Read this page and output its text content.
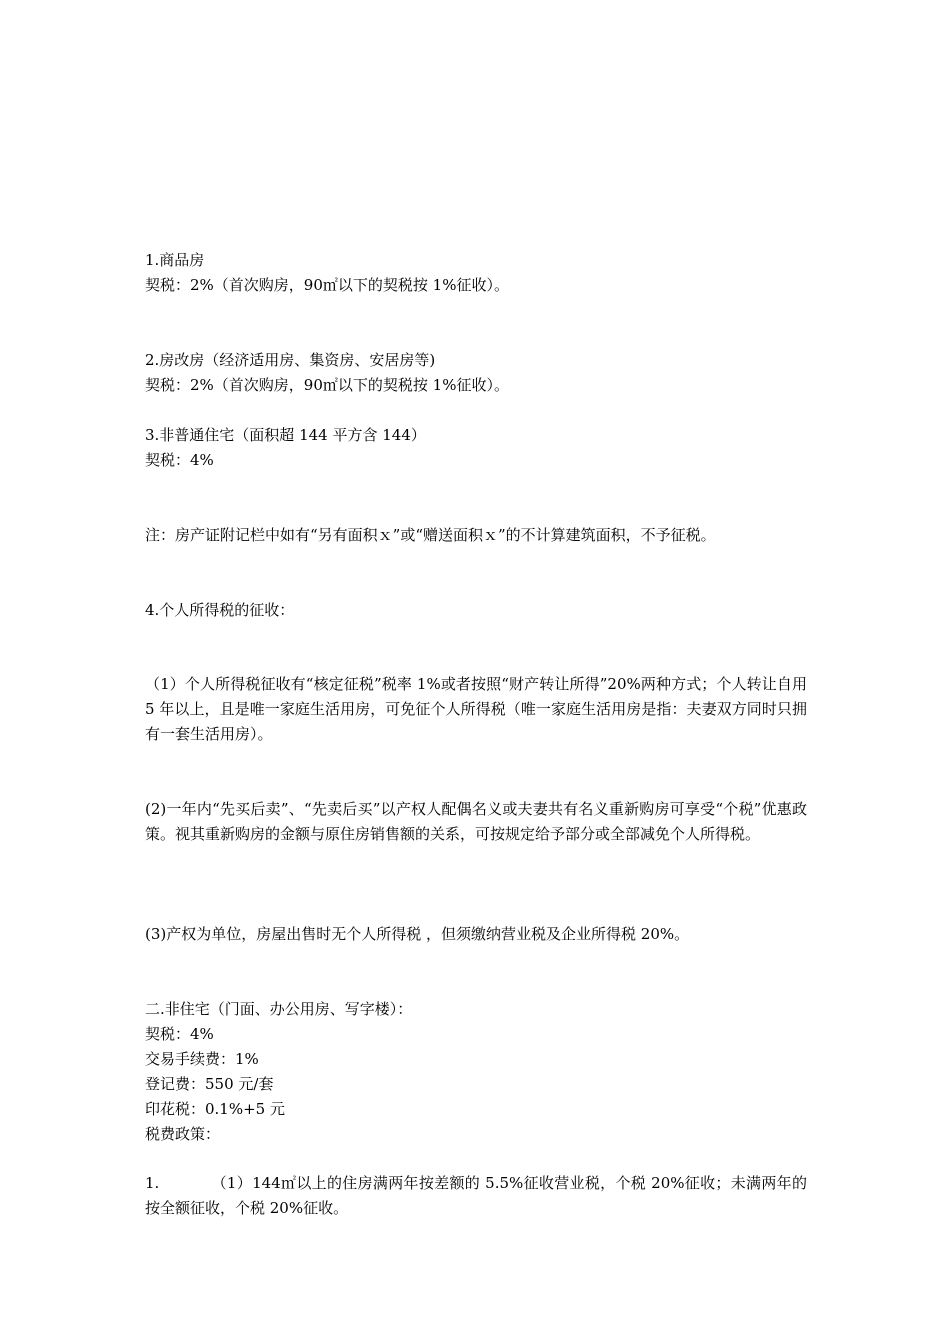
1.商品房

契税：2%（首次购房，90㎡以下的契税按 1%征收）。

2.房改房（经济适用房、集资房、安居房等)

契税：2%（首次购房，90㎡以下的契税按 1%征收）。

3.非普通住宅（面积超 144 平方含 144）

契税：4%

注：房产证附记栏中如有“另有面积ｘ”或“赠送面积ｘ”的不计算建筑面积，不予征税。

4.个人所得税的征收：

（1）个人所得税征收有“核定征税”税率 1%或者按照“财产转让所得”20%两种方式；个人转让自用 5 年以上，且是唯一家庭生活用房，可免征个人所得税（唯一家庭生活用房是指：夫妻双方同时只拥有一套生活用房）。

(2)一年内“先买后卖”、“先卖后买”以产权人配偶名义或夫妻共有名义重新购房可享受“个税”优惠政策。视其重新购房的金额与原住房销售额的关系，可按规定给予部分或全部减免个人所得税。

(3)产权为单位，房屋出售时无个人所得税 ，但须缴纳营业税及企业所得税 20%。

二.非住宅（门面、办公用房、写字楼）：

契税：4%

交易手续费：1%

登记费：550 元/套

印花税：0.1%+5 元

税费政策：

1.	（1）144㎡以上的住房满两年按差额的 5.5%征收营业税，个税 20%征收；未满两年的按全额征收，个税 20%征收。
